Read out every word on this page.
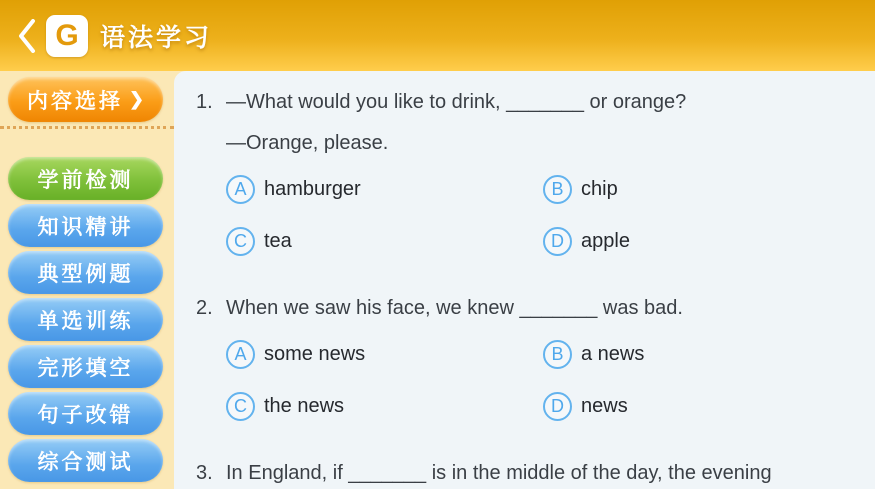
G 语法学习
内容选择 ❯
学前检测
知识精讲
典型例题
单选训练
完形填空
句子改错
综合测试
1. —What would you like to drink, _______ or orange?
—Orange, please.
A hamburger	B chip
C tea	D apple
2. When we saw his face, we knew _______ was bad.
A some news	B a news
C the news	D news
3. In England, if _______ is in the middle of the day, the evening
